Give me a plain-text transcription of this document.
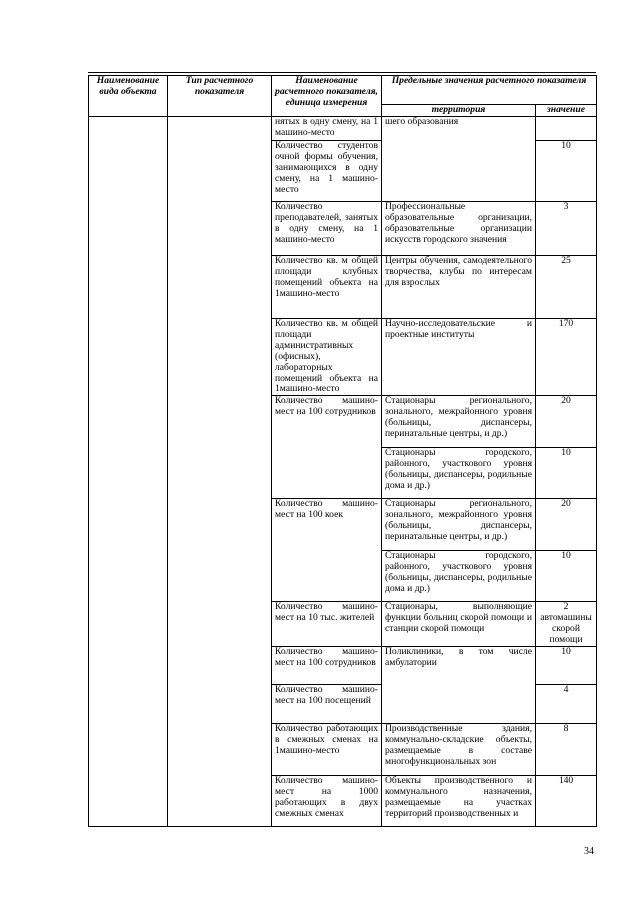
Наименование вида объекта	Тип расчетного показателя	Наименование расчетного показателя, единица измерения	Предельные значения расчетного показателя	
			территория	значение
		нятых в одну смену, на 1 машино-место	шего образования	
		Количество студентов очной формы обучения, занимающихся в одну смену, на 1 машино-место		10
		Количество преподавателей, занятых в одну смену, на 1 машино-место	Профессиональные образовательные организации, образовательные организации искусств городского значения	3
		Количество кв. м общей площади клубных помещений объекта на 1машино-место	Центры обучения, самодеятельного творчества, клубы по интересам для взрослых	25
		Количество кв. м общей площади административных (офисных), лабораторных помещений объекта на 1машино-место	Научно-исследовательские и проектные институты	170
		Количество машино-мест на 100 сотрудников	Стационары регионального, зонального, межрайонного уровня (больницы, диспансеры, перинатальные центры, и др.)	20
			Стационары городского, районного, участкового уровня (больницы, диспансеры, родильные дома и др.)	10
		Количество машино-мест на 100 коек	Стационары регионального, зонального, межрайонного уровня (больницы, диспансеры, перинатальные центры, и др.)	20
			Стационары городского, районного, участкового уровня (больницы, диспансеры, родильные дома и др.)	10
		Количество машино-мест на 10 тыс. жителей	Стационары, выполняющие функции больниц скорой помощи и станции скорой помощи	2 автомашины скорой помощи
		Количество машино-мест на 100 сотрудников	Поликлиники, в том числе амбулатории	10
		Количество машино-мест на 100 посещений		4
		Количество работающих в смежных сменах на 1машино-место	Производственные здания, коммунально-складские объекты, размещаемые в составе многофункциональных зон	8
		Количество машино-мест на 1000 работающих в двух смежных сменах	Объекты производственного и коммунального назначения, размещаемые на участках территорий производственных и	140
34
